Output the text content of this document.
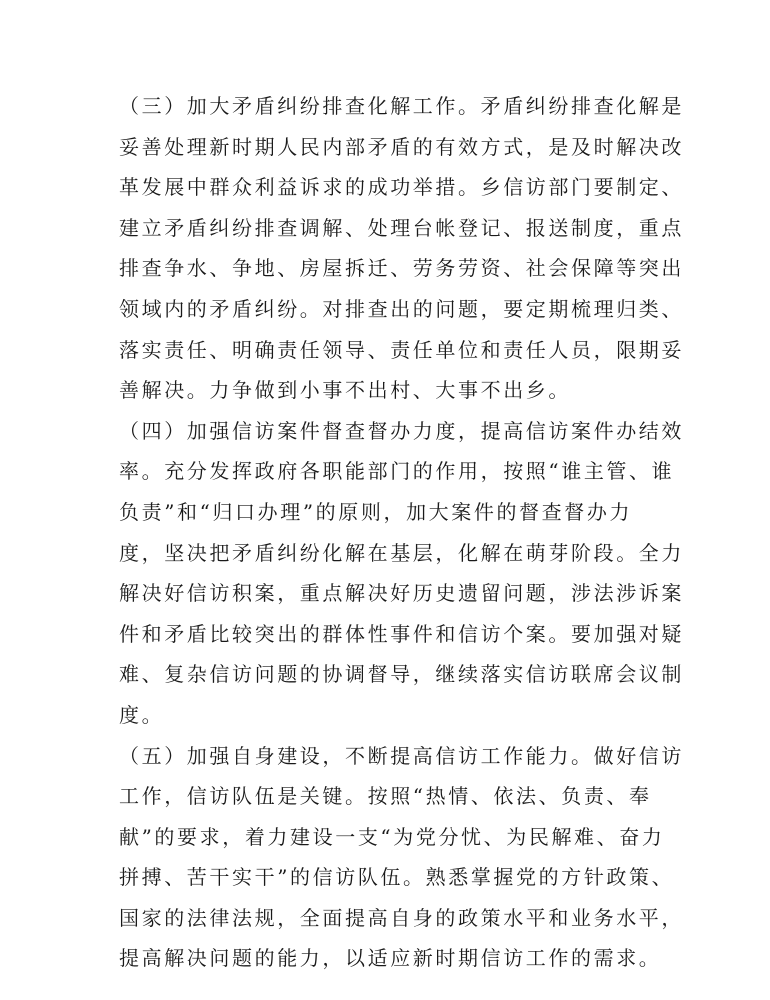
（三）加大矛盾纠纷排查化解工作。矛盾纠纷排查化解是
妥善处理新时期人民内部矛盾的有效方式，是及时解决改
革发展中群众利益诉求的成功举措。乡信访部门要制定、
建立矛盾纠纷排查调解、处理台帐登记、报送制度，重点
排查争水、争地、房屋拆迁、劳务劳资、社会保障等突出
领域内的矛盾纠纷。对排查出的问题，要定期梳理归类、
落实责任、明确责任领导、责任单位和责任人员，限期妥
善解决。力争做到小事不出村、大事不出乡。
（四）加强信访案件督查督办力度，提高信访案件办结效
率。充分发挥政府各职能部门的作用，按照“谁主管、谁
负责”和“归口办理”的原则，加大案件的督查督办力
度，坚决把矛盾纠纷化解在基层，化解在萌芽阶段。全力
解决好信访积案，重点解决好历史遗留问题，涉法涉诉案
件和矛盾比较突出的群体性事件和信访个案。要加强对疑
难、复杂信访问题的协调督导，继续落实信访联席会议制
度。
（五）加强自身建设，不断提高信访工作能力。做好信访
工作，信访队伍是关键。按照“热情、依法、负责、奉
献”的要求，着力建设一支“为党分忧、为民解难、奋力
拼搏、苦干实干”的信访队伍。熟悉掌握党的方针政策、
国家的法律法规，全面提高自身的政策水平和业务水平，
提高解决问题的能力，以适应新时期信访工作的需求。
